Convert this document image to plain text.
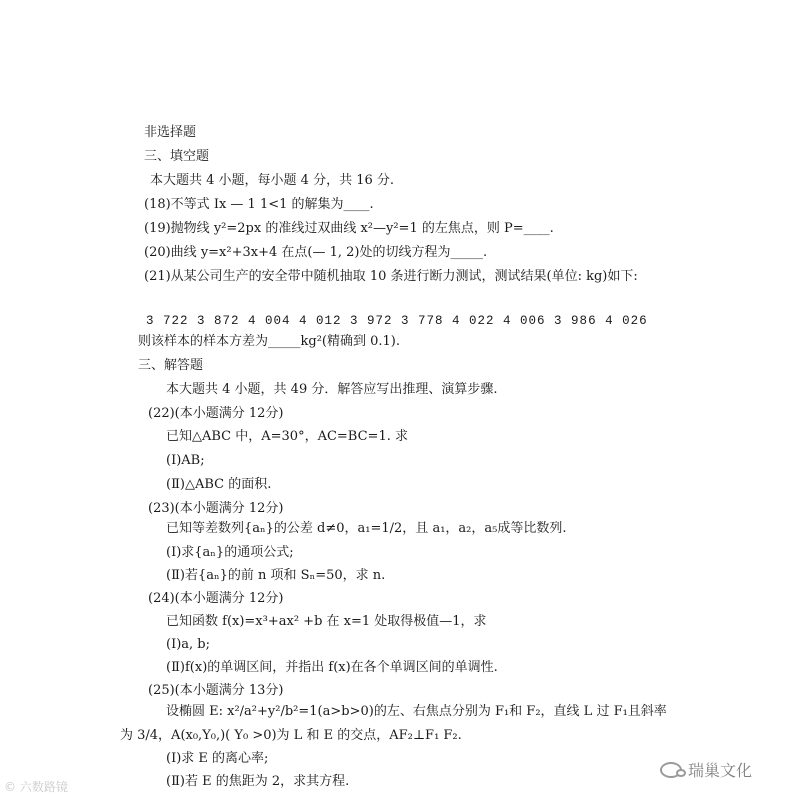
非选择题
三、填空题
本大题共 4 小题，每小题 4 分，共 16 分.
(18)不等式 Ix — 1 1<1 的解集为____.
(19)抛物线 y²=2px 的准线过双曲线 x²—y²=1 的左焦点，则 P=____.
(20)曲线 y=x²+3x+4 在点(— 1, 2)处的切线方程为_____.
(21)从某公司生产的安全带中随机抽取 10 条进行断力测试，测试结果(单位: kg)如下:
3 722 3 872 4 004 4 012 3 972 3 778 4 022 4 006 3 986 4 026
则该样本的样本方差为_____kg²(精确到 0.1).
三、解答题
本大题共 4 小题，共 49 分．解答应写出推理、演算步骤.
(22)(本小题满分 12分)
已知△ABC 中，A=30°，AC=BC=1. 求
(Ⅰ)AB;
(Ⅱ)△ABC 的面积.
(23)(本小题满分 12分)
已知等差数列{aₙ}的公差 d≠0，a₁=1/2，且 a₁，a₂，a₅成等比数列.
(Ⅰ)求{aₙ}的通项公式;
(Ⅱ)若{aₙ}的前 n 项和 Sₙ=50，求 n.
(24)(本小题满分 12分)
已知函数 f(x)=x³+ax² +b 在 x=1 处取得极值—1，求
(Ⅰ)a, b;
(Ⅱ)f(x)的单调区间，并指出 f(x)在各个单调区间的单调性.
(25)(本小题满分 13分)
设椭圆 E: x²/a²+y²/b²=1(a>b>0)的左、右焦点分别为 F₁和 F₂，直线 L 过 F₁且斜率
为 3/4，A(x₀,Y₀,)( Y₀ >0)为 L 和 E 的交点，AF₂⊥F₁ F₂.
(Ⅰ)求 E 的离心率;
(Ⅱ)若 E 的焦距为 2，求其方程.
© 六数路镜
瑞巢文化
